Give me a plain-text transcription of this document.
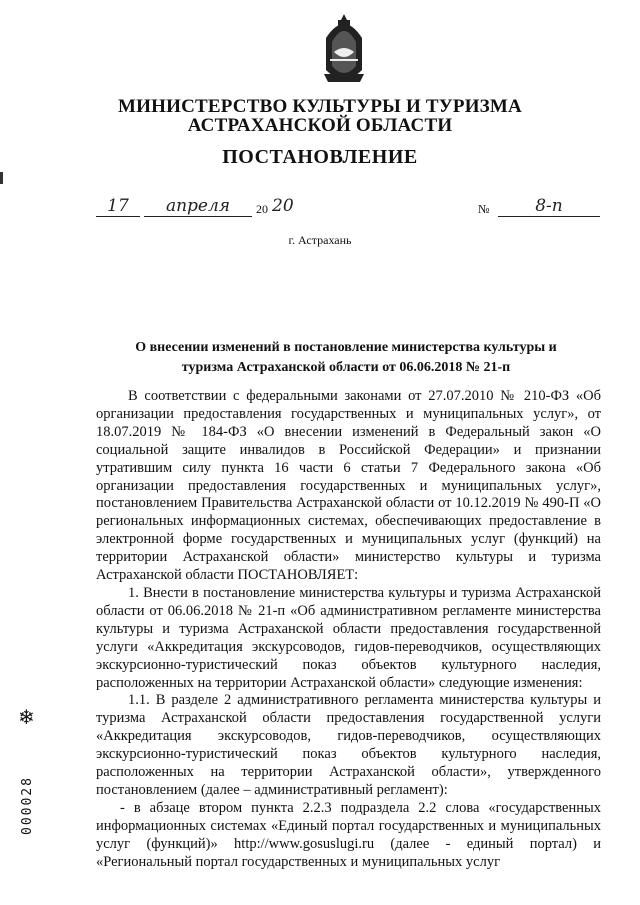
МИНИСТЕРСТВО КУЛЬТУРЫ И ТУРИЗМА
АСТРАХАНСКОЙ ОБЛАСТИ
ПОСТАНОВЛЕНИЕ
17	апреля	20 20	№	8-п
г. Астрахань
О внесении изменений в постановление министерства культуры и
туризма Астраханской области от 06.06.2018 № 21-п

В соответствии с федеральными законами от 27.07.2010 № 210-ФЗ «Об организации предоставления государственных и муниципальных услуг», от 18.07.2019 № 184-ФЗ «О внесении изменений в Федеральный закон «О социальной защите инвалидов в Российской Федерации» и признании утратившим силу пункта 16 части 6 статьи 7 Федерального закона «Об организации предоставления государственных и муниципальных услуг», постановлением Правительства Астраханской области от 10.12.2019 № 490-П «О региональных информационных системах, обеспечивающих предоставление в электронной форме государственных и муниципальных услуг (функций) на территории Астраханской области» министерство культуры и туризма Астраханской области ПОСТАНОВЛЯЕТ:

1. Внести в постановление министерства культуры и туризма Астраханской области от 06.06.2018 № 21-п «Об административном регламенте министерства культуры и туризма Астраханской области предоставления государственной услуги «Аккредитация экскурсоводов, гидов-переводчиков, осуществляющих экскурсионно-туристический показ объектов культурного наследия, расположенных на территории Астраханской области» следующие изменения:

1.1. В разделе 2 административного регламента министерства культуры и туризма Астраханской области предоставления государственной услуги «Аккредитация экскурсоводов, гидов-переводчиков, осуществляющих экскурсионно-туристический показ объектов культурного наследия, расположенных на территории Астраханской области», утвержденного постановлением (далее – административный регламент):

- в абзаце втором пункта 2.2.3 подраздела 2.2 слова «государственных информационных системах «Единый портал государственных и муниципальных услуг (функций)» http://www.gosuslugi.ru (далее - единый портал) и «Региональный портал государственных и муниципальных услуг

❄
000028
